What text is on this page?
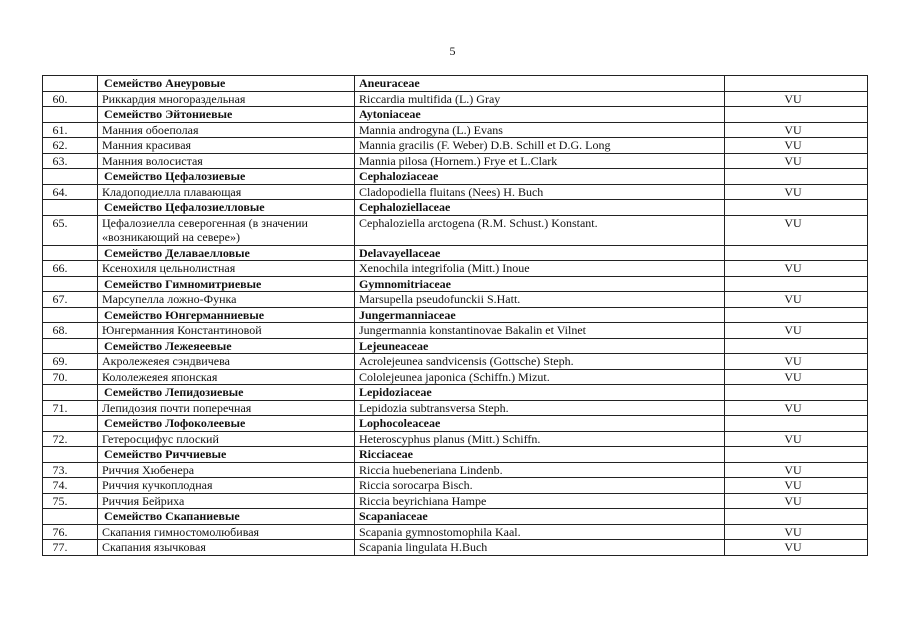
5
	Семейство Анеуровые	Aneuraceae	
60.	Риккардия многораздельная	Riccardia multifida (L.) Gray	VU
	Семейство Эйтониевые	Aytoniaceae	
61.	Манния обоеполая	Mannia androgyna (L.) Evans	VU
62.	Манния красивая	Mannia gracilis (F. Weber) D.B. Schill et D.G. Long	VU
63.	Манния волосистая	Mannia pilosa (Hornem.) Frye et L.Clark	VU
	Семейство Цефалозиевые	Cephaloziaceae	
64.	Кладоподиелла плавающая	Cladopodiella fluitans (Nees) H. Buch	VU
	Семейство Цефалозиелловые	Cephaloziellaceae	
65.	Цефалозиелла северогенная (в значении «возникающий на севере»)	Cephaloziella arctogena (R.M. Schust.) Konstant.	VU
	Семейство Делавaелловые	Delavayellaceae	
66.	Ксенохиля цельнолистная	Xenochila integrifolia (Mitt.) Inoue	VU
	Семейство Гимномитриевые	Gymnomitriaceae	
67.	Марсупелла ложно-Функа	Marsupella pseudofunckii S.Hatt.	VU
	Семейство Юнгерманниевые	Jungermanniaceae	
68.	Юнгерманния Константиновой	Jungermannia konstantinovae Bakalin et Vilnet	VU
	Семейство Лежеяеевые	Lejeuneaceae	
69.	Акролежеяея сэндвичева	Acrolejeunea sandvicensis (Gottsche) Steph.	VU
70.	Кололежеяея японская	Cololejeunea japonica (Schiffn.) Mizut.	VU
	Семейство Лепидозиевые	Lepidoziaceae	
71.	Лепидозия почти поперечная	Lepidozia subtransversa Steph.	VU
	Семейство Лофоколеевые	Lophocoleaceae	
72.	Гетеросцифус плоский	Heteroscyphus planus (Mitt.) Schiffn.	VU
	Семейство Риччиевые	Ricciaceae	
73.	Риччия Хюбенера	Riccia huebeneriana Lindenb.	VU
74.	Риччия кучкоплодная	Riccia sorocarpa Bisch.	VU
75.	Риччия Бейриха	Riccia beyrichiana Hampe	VU
	Семейство Скапаниевые	Scapaniaceae	
76.	Скапания гимностомолюбивая	Scapania gymnostomophila Kaal.	VU
77.	Скапания язычковая	Scapania lingulata H.Buch	VU
